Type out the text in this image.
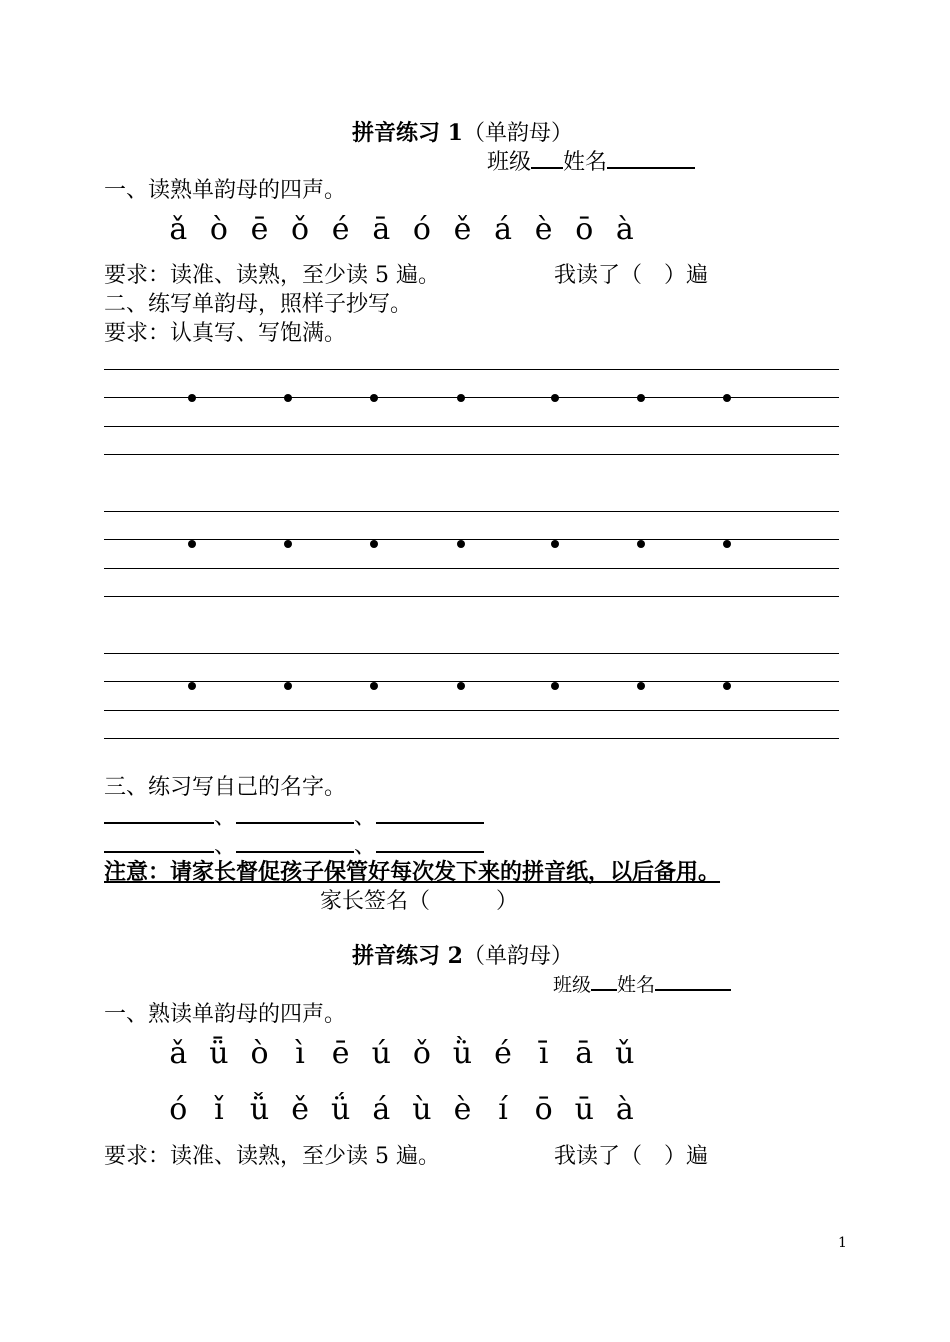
拼音练习 1（单韵母）
班级 姓名
一、读熟单韵母的四声。
ǎ ò ē ǒ é ā ó ě á è ō à
要求：读准、读熟，至少读 5 遍。	我读了（　）遍
二、练写单韵母，照样子抄写。
要求：认真写、写饱满。
三、练习写自己的名字。
、	、
、	、
注意：请家长督促孩子保管好每次发下来的拼音纸，以后备用。
家长签名（　　　）
拼音练习 2（单韵母）
班级 姓名
一、熟读单韵母的四声。
ǎ ǖ ò ì ē ú ǒ ǜ é ī ā ǔ
ó ǐ ǚ ě ǘ á ù è í ō ū à
要求：读准、读熟，至少读 5 遍。	我读了（　）遍
1
